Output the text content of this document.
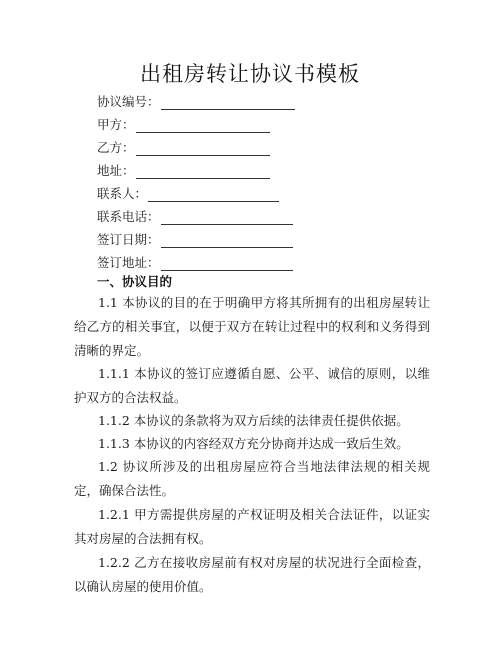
出租房转让协议书模板
协议编号：
甲方：
乙方：
地址：
联系人：
联系电话：
签订日期：
签订地址：
一、协议目的
1.1 本协议的目的在于明确甲方将其所拥有的出租房屋转让给乙方的相关事宜，以便于双方在转让过程中的权利和义务得到清晰的界定。
1.1.1 本协议的签订应遵循自愿、公平、诚信的原则，以维护双方的合法权益。
1.1.2 本协议的条款将为双方后续的法律责任提供依据。
1.1.3 本协议的内容经双方充分协商并达成一致后生效。
1.2 协议所涉及的出租房屋应符合当地法律法规的相关规定，确保合法性。
1.2.1 甲方需提供房屋的产权证明及相关合法证件，以证实其对房屋的合法拥有权。
1.2.2 乙方在接收房屋前有权对房屋的状况进行全面检查，以确认房屋的使用价值。
